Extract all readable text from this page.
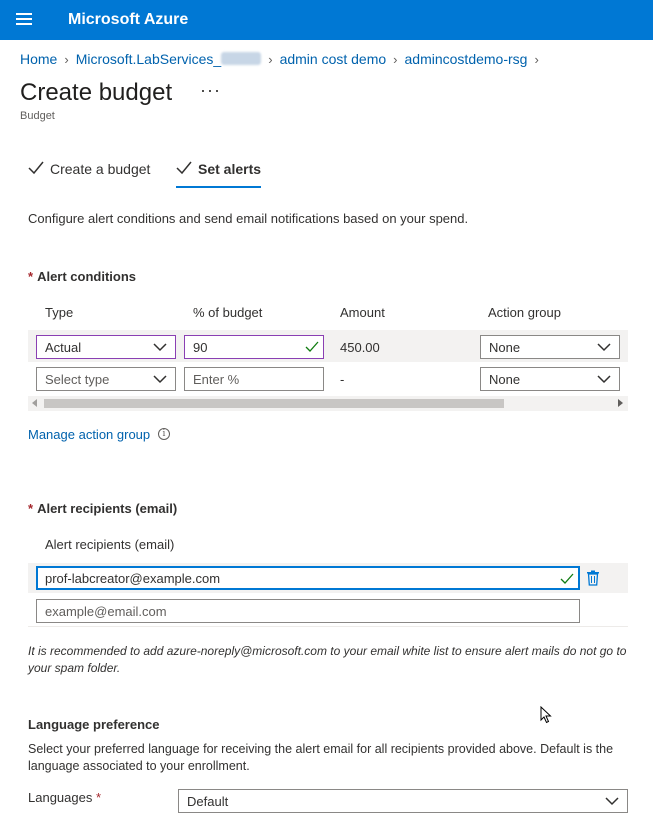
Microsoft Azure
Home › Microsoft.LabServices_	› admin cost demo › admincostdemo-rsg ›
Create budget ···
Budget
Create a budget	Set alerts
Configure alert conditions and send email notifications based on your spend.
* Alert conditions
Type	% of budget	Amount	Action group
Actual	90	450.00	None
Select type	Enter %	-	None
Manage action group	i
* Alert recipients (email)
Alert recipients (email)
prof-labcreator@example.com
example@email.com
It is recommended to add azure-noreply@microsoft.com to your email white list to ensure alert mails do not go to your spam folder.
Language preference
Select your preferred language for receiving the alert email for all recipients provided above. Default is the language associated to your enrollment.
Languages *	Default
